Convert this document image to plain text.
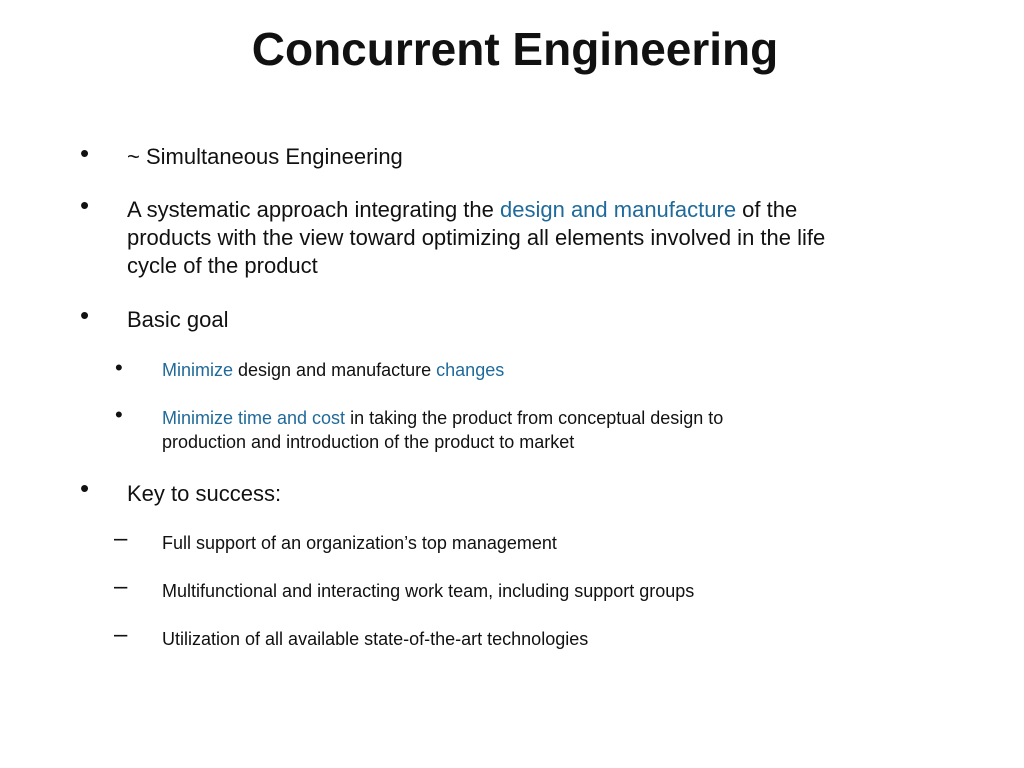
Concurrent Engineering
• ~ Simultaneous Engineering
• A systematic approach integrating the design and manufacture of the products with the view toward optimizing all elements involved in the life cycle of the product
• Basic goal
• Minimize design and manufacture changes
• Minimize time and cost in taking the product from conceptual design to production and introduction of the product to market
• Key to success:
– Full support of an organization’s top management
– Multifunctional and interacting work team, including support groups
– Utilization of all available state-of-the-art technologies
